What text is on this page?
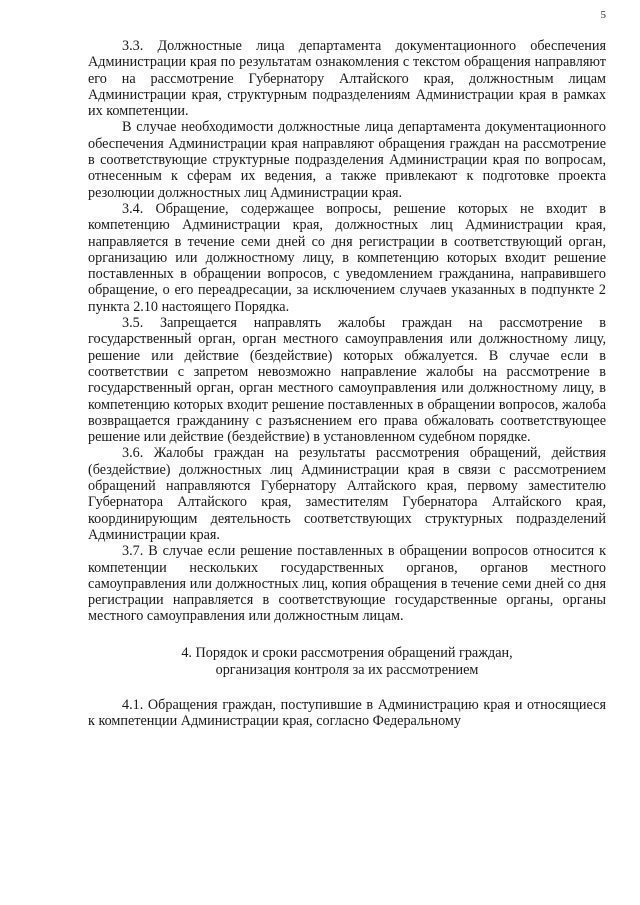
5

3.3. Должностные лица департамента документационного обеспечения Администрации края по результатам ознакомления с текстом обращения направляют его на рассмотрение Губернатору Алтайского края, должностным лицам Администрации края, структурным подразделениям Администрации края в рамках их компетенции.

В случае необходимости должностные лица департамента документационного обеспечения Администрации края направляют обращения граждан на рассмотрение в соответствующие структурные подразделения Администрации края по вопросам, отнесенным к сферам их ведения, а также привлекают к подготовке проекта резолюции должностных лиц Администрации края.

3.4. Обращение, содержащее вопросы, решение которых не входит в компетенцию Администрации края, должностных лиц Администрации края, направляется в течение семи дней со дня регистрации в соответствующий орган, организацию или должностному лицу, в компетенцию которых входит решение поставленных в обращении вопросов, с уведомлением гражданина, направившего обращение, о его переадресации, за исключением случаев указанных в подпункте 2 пункта 2.10 настоящего Порядка.

3.5. Запрещается направлять жалобы граждан на рассмотрение в государственный орган, орган местного самоуправления или должностному лицу, решение или действие (бездействие) которых обжалуется. В случае если в соответствии с запретом невозможно направление жалобы на рассмотрение в государственный орган, орган местного самоуправления или должностному лицу, в компетенцию которых входит решение поставленных в обращении вопросов, жалоба возвращается гражданину с разъяснением его права обжаловать соответствующее решение или действие (бездействие) в установленном судебном порядке.

3.6. Жалобы граждан на результаты рассмотрения обращений, действия (бездействие) должностных лиц Администрации края в связи с рассмотрением обращений направляются Губернатору Алтайского края, первому заместителю Губернатора Алтайского края, заместителям Губернатора Алтайского края, координирующим деятельность соответствующих структурных подразделений Администрации края.

3.7. В случае если решение поставленных в обращении вопросов относится к компетенции нескольких государственных органов, органов местного самоуправления или должностных лиц, копия обращения в течение семи дней со дня регистрации направляется в соответствующие государственные органы, органы местного самоуправления или должностным лицам.

4. Порядок и сроки рассмотрения обращений граждан,
организация контроля за их рассмотрением

4.1. Обращения граждан, поступившие в Администрацию края и относящиеся к компетенции Администрации края, согласно Федеральному
